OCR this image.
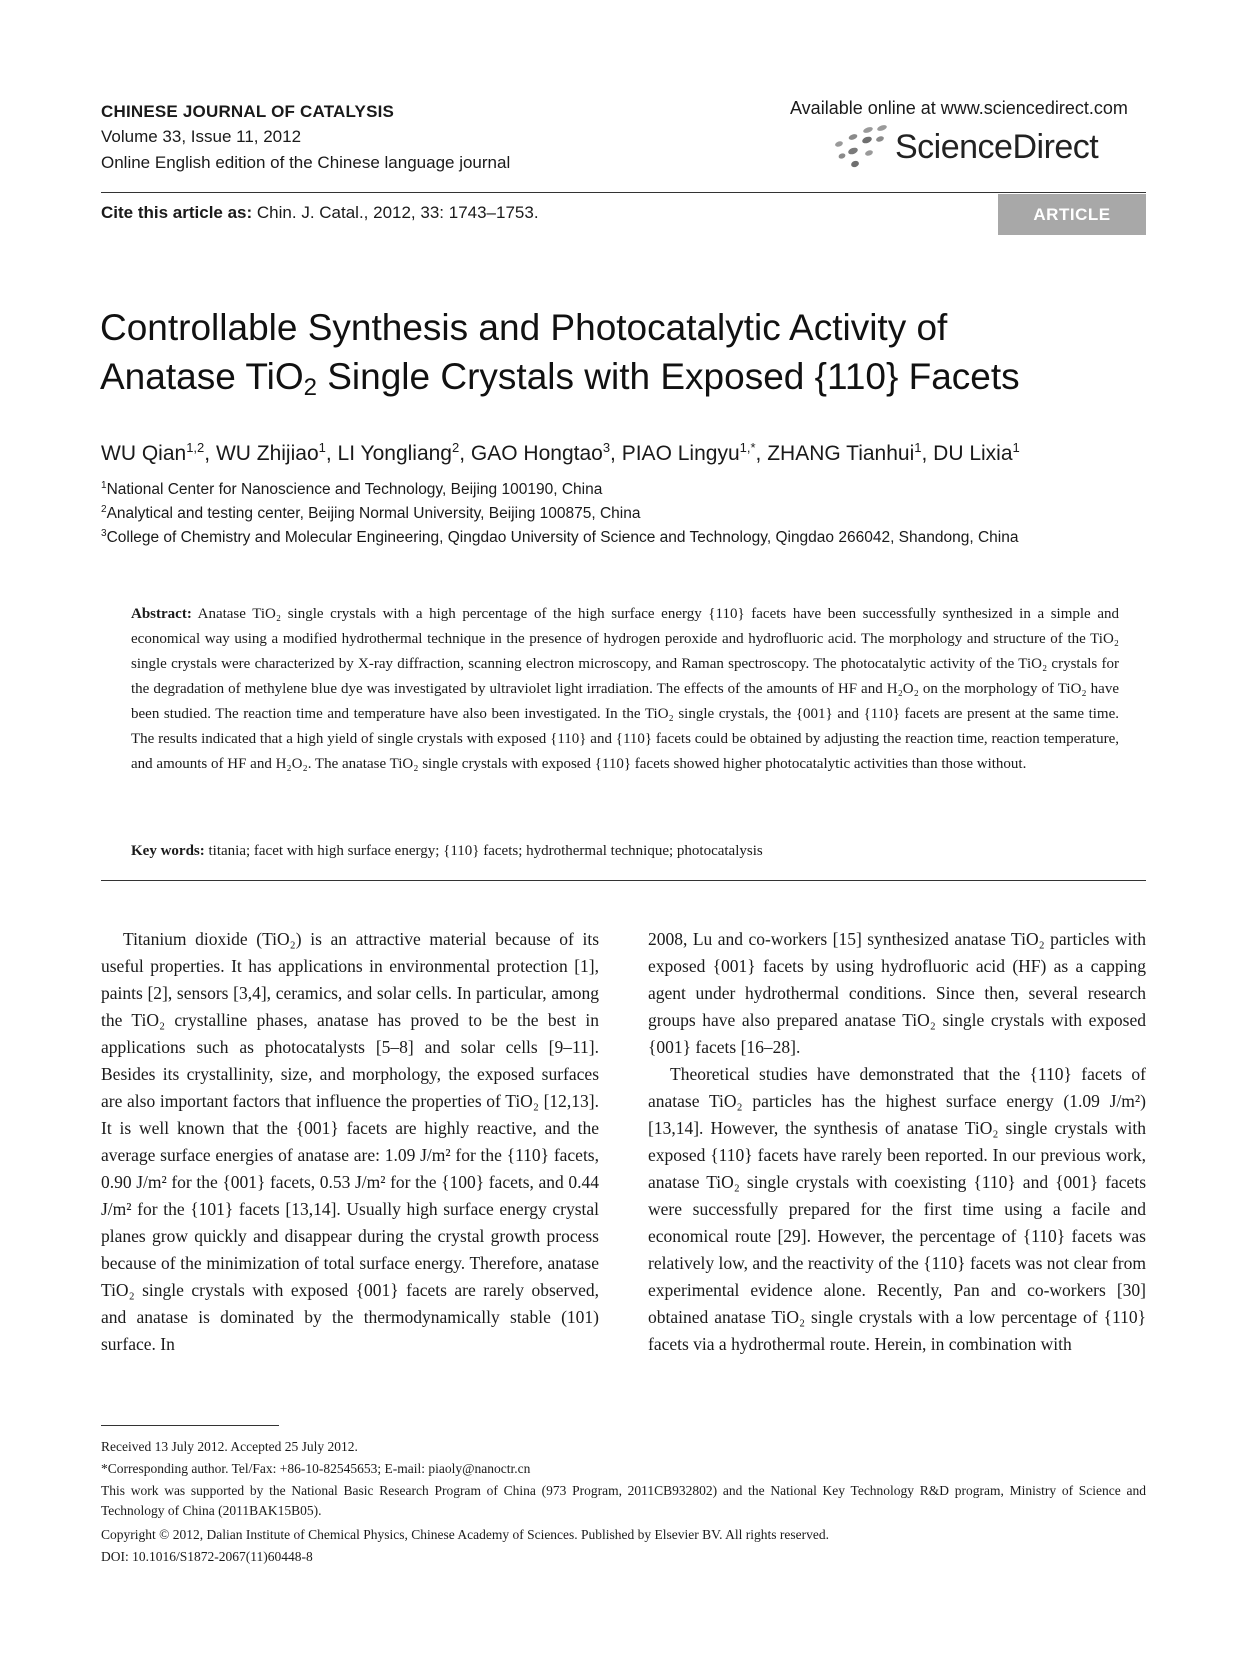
CHINESE JOURNAL OF CATALYSIS
Volume 33, Issue 11, 2012
Online English edition of the Chinese language journal
Available online at www.sciencedirect.com
ScienceDirect
Cite this article as: Chin. J. Catal., 2012, 33: 1743–1753.	ARTICLE
Controllable Synthesis and Photocatalytic Activity of
Anatase TiO$_2$ Single Crystals with Exposed {110} Facets
WU Qian$^{1,2}$, WU Zhijiao$^1$, LI Yongliang$^2$, GAO Hongtao$^3$, PIAO Lingyu$^{1,*}$, ZHANG Tianhui$^1$, DU Lixia$^1$
$^1$National Center for Nanoscience and Technology, Beijing 100190, China
$^2$Analytical and testing center, Beijing Normal University, Beijing 100875, China
$^3$College of Chemistry and Molecular Engineering, Qingdao University of Science and Technology, Qingdao 266042, Shandong, China
Abstract: Anatase TiO₂ single crystals with a high percentage of the high surface energy {110} facets have been successfully synthesized in a simple and economical way using a modified hydrothermal technique in the presence of hydrogen peroxide and hydrofluoric acid. The morphology and structure of the TiO₂ single crystals were characterized by X-ray diffraction, scanning electron microscopy, and Raman spectroscopy. The photocatalytic activity of the TiO₂ crystals for the degradation of methylene blue dye was investigated by ultraviolet light irradiation. The effects of the amounts of HF and H₂O₂ on the morphology of TiO₂ have been studied. The reaction time and temperature have also been investigated. In the TiO₂ single crystals, the {001} and {110} facets are present at the same time. The results indicated that a high yield of single crystals with exposed {110} and {110} facets could be obtained by adjusting the reaction time, reaction temperature, and amounts of HF and H₂O₂. The anatase TiO₂ single crystals with exposed {110} facets showed higher photocatalytic activities than those without.
Key words: titania; facet with high surface energy; {110} facets; hydrothermal technique; photocatalysis

Titanium dioxide (TiO₂) is an attractive material because of its useful properties. It has applications in environmental protection [1], paints [2], sensors [3,4], ceramics, and solar cells. In particular, among the TiO₂ crystalline phases, anatase has proved to be the best in applications such as photocatalysts [5–8] and solar cells [9–11]. Besides its crystallinity, size, and morphology, the exposed surfaces are also important factors that influence the properties of TiO₂ [12,13]. It is well known that the {001} facets are highly reactive, and the average surface energies of anatase are: 1.09 J/m² for the {110} facets, 0.90 J/m² for the {001} facets, 0.53 J/m² for the {100} facets, and 0.44 J/m² for the {101} facets [13,14]. Usually high surface energy crystal planes grow quickly and disappear during the crystal growth process because of the minimization of total surface energy. Therefore, anatase TiO₂ single crystals with exposed {001} facets are rarely observed, and anatase is dominated by the thermodynamically stable (101) surface. In

2008, Lu and co-workers [15] synthesized anatase TiO₂ particles with exposed {001} facets by using hydrofluoric acid (HF) as a capping agent under hydrothermal conditions. Since then, several research groups have also prepared anatase TiO₂ single crystals with exposed {001} facets [16–28].

Theoretical studies have demonstrated that the {110} facets of anatase TiO₂ particles has the highest surface energy (1.09 J/m²) [13,14]. However, the synthesis of anatase TiO₂ single crystals with exposed {110} facets have rarely been reported. In our previous work, anatase TiO₂ single crystals with coexisting {110} and {001} facets were successfully prepared for the first time using a facile and economical route [29]. However, the percentage of {110} facets was relatively low, and the reactivity of the {110} facets was not clear from experimental evidence alone. Recently, Pan and co-workers [30] obtained anatase TiO₂ single crystals with a low percentage of {110} facets via a hydrothermal route. Herein, in combination with

Received 13 July 2012. Accepted 25 July 2012.
*Corresponding author. Tel/Fax: +86-10-82545653; E-mail: piaoly@nanoctr.cn
This work was supported by the National Basic Research Program of China (973 Program, 2011CB932802) and the National Key Technology R&D program, Ministry of Science and Technology of China (2011BAK15B05).
Copyright © 2012, Dalian Institute of Chemical Physics, Chinese Academy of Sciences. Published by Elsevier BV. All rights reserved.
DOI: 10.1016/S1872-2067(11)60448-8
